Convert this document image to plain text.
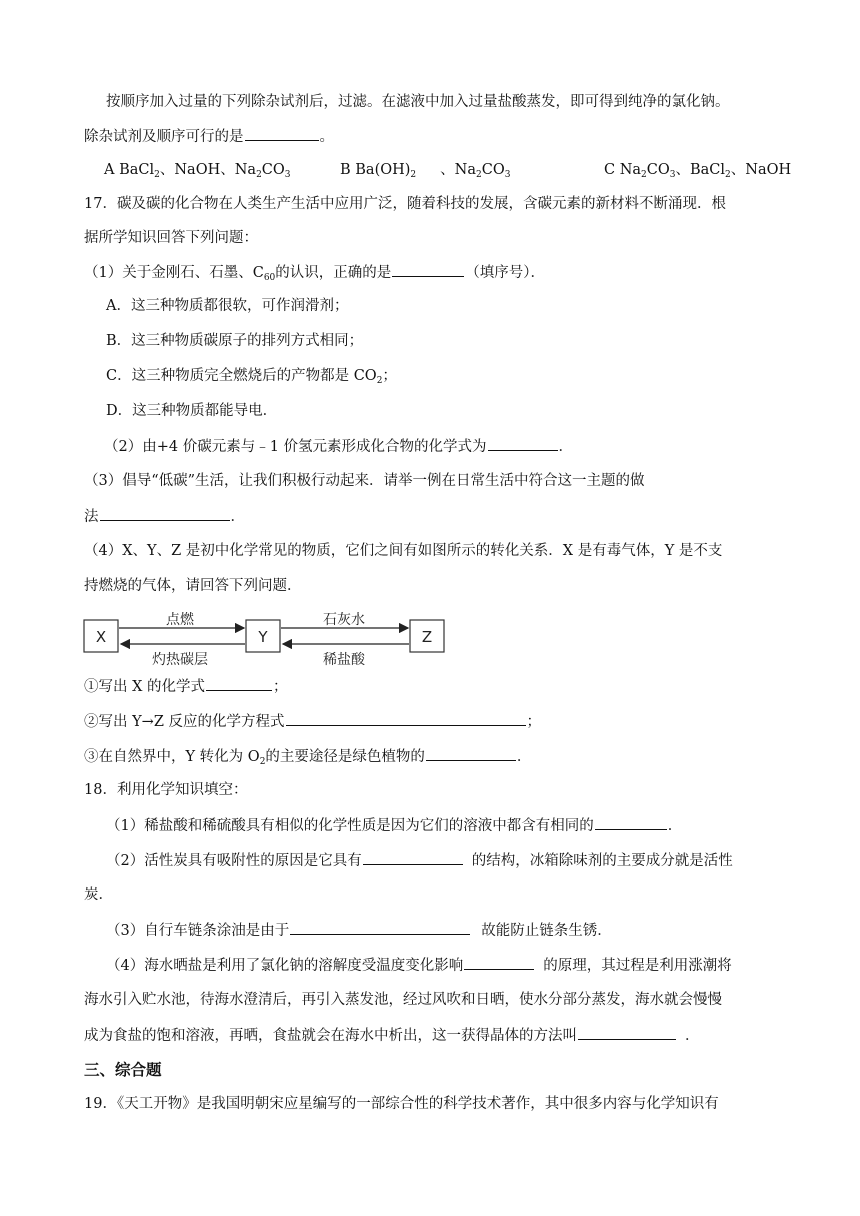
按顺序加入过量的下列除杂试剂后，过滤。在滤液中加入过量盐酸蒸发，即可得到纯净的氯化钠。
除杂试剂及顺序可行的是	。
A BaCl$_2$、NaOH、$Na_2CO_3$	B $Ba(OH)_2$ 、$Na_2CO_3$	C $Na_2CO_3$、BaCl$_2$、NaOH
17．碳及碳的化合物在人类生产生活中应用广泛，随着科技的发展，含碳元素的新材料不断涌现．根
据所学知识回答下列问题：
（1）关于金刚石、石墨、$C_{60}$的认识，正确的是	（填序号）．
A．这三种物质都很软，可作润滑剂；
B．这三种物质碳原子的排列方式相同；
C．这三种物质完全燃烧后的产物都是 $CO_2$；
D．这三种物质都能导电．
（2）由+4 价碳元素与﹣1 价氢元素形成化合物的化学式为	．
（3）倡导“低碳”生活，让我们积极行动起来．请举一例在日常生活中符合这一主题的做
法	．
（4）X、Y、Z 是初中化学常见的物质，它们之间有如图所示的转化关系．X 是有毒气体，Y 是不支
持燃烧的气体，请回答下列问题．
X	Y	Z
点燃
灼热碳层
石灰水
稀盐酸
①写出 X 的化学式	；
②写出 Y→Z 反应的化学方程式	；
③在自然界中，Y 转化为 $O_2$的主要途径是绿色植物的	．
18．利用化学知识填空：
（1）稀盐酸和稀硫酸具有相似的化学性质是因为它们的溶液中都含有相同的	．
（2）活性炭具有吸附性的原因是它具有	的结构，冰箱除味剂的主要成分就是活性
炭．
（3）自行车链条涂油是由于	故能防止链条生锈．
（4）海水晒盐是利用了氯化钠的溶解度受温度变化影响	的原理，其过程是利用涨潮将
海水引入贮水池，待海水澄清后，再引入蒸发池，经过风吹和日晒，使水分部分蒸发，海水就会慢慢
成为食盐的饱和溶液，再晒，食盐就会在海水中析出，这一获得晶体的方法叫	．
三、综合题
19．《天工开物》是我国明朝宋应星编写的一部综合性的科学技术著作，其中很多内容与化学知识有
